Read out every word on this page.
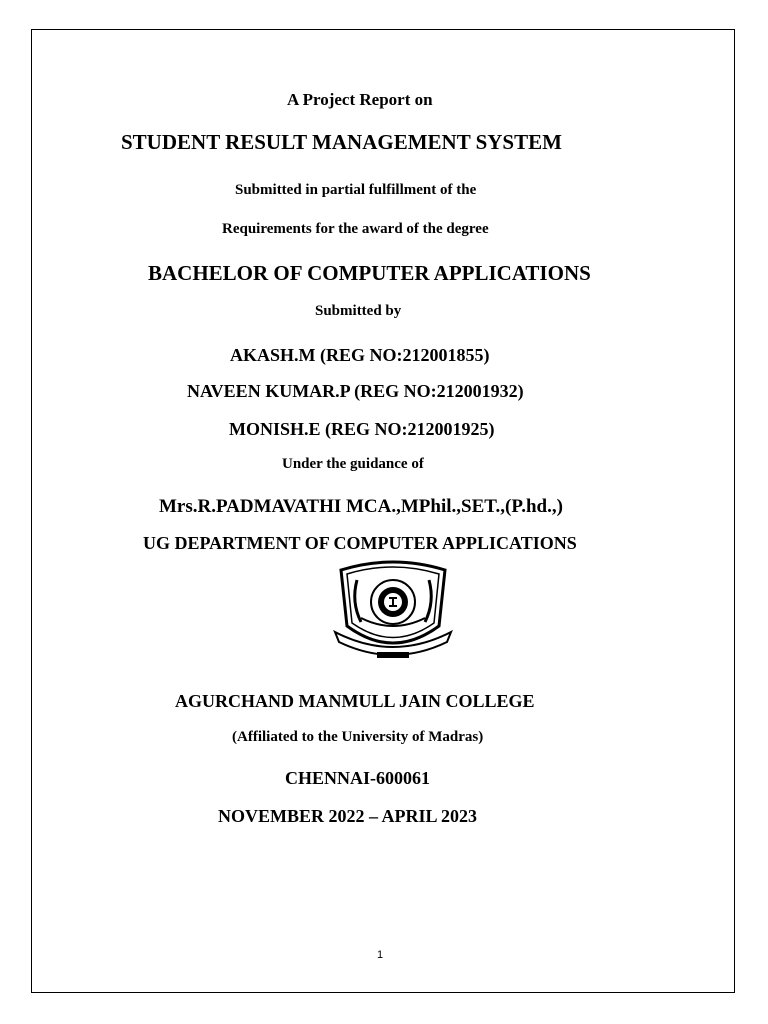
A Project Report on
STUDENT RESULT MANAGEMENT SYSTEM
Submitted in partial fulfillment of the
Requirements for the award of the degree
BACHELOR OF COMPUTER APPLICATIONS
Submitted by
AKASH.M (REG NO:212001855)
NAVEEN KUMAR.P (REG NO:212001932)
MONISH.E (REG NO:212001925)
Under the guidance of
Mrs.R.PADMAVATHI MCA.,MPhil.,SET.,(P.hd.,)
UG DEPARTMENT OF COMPUTER APPLICATIONS
AGURCHAND MANMULL JAIN COLLEGE
(Affiliated to the University of Madras)
CHENNAI-600061
NOVEMBER 2022 – APRIL 2023
1
